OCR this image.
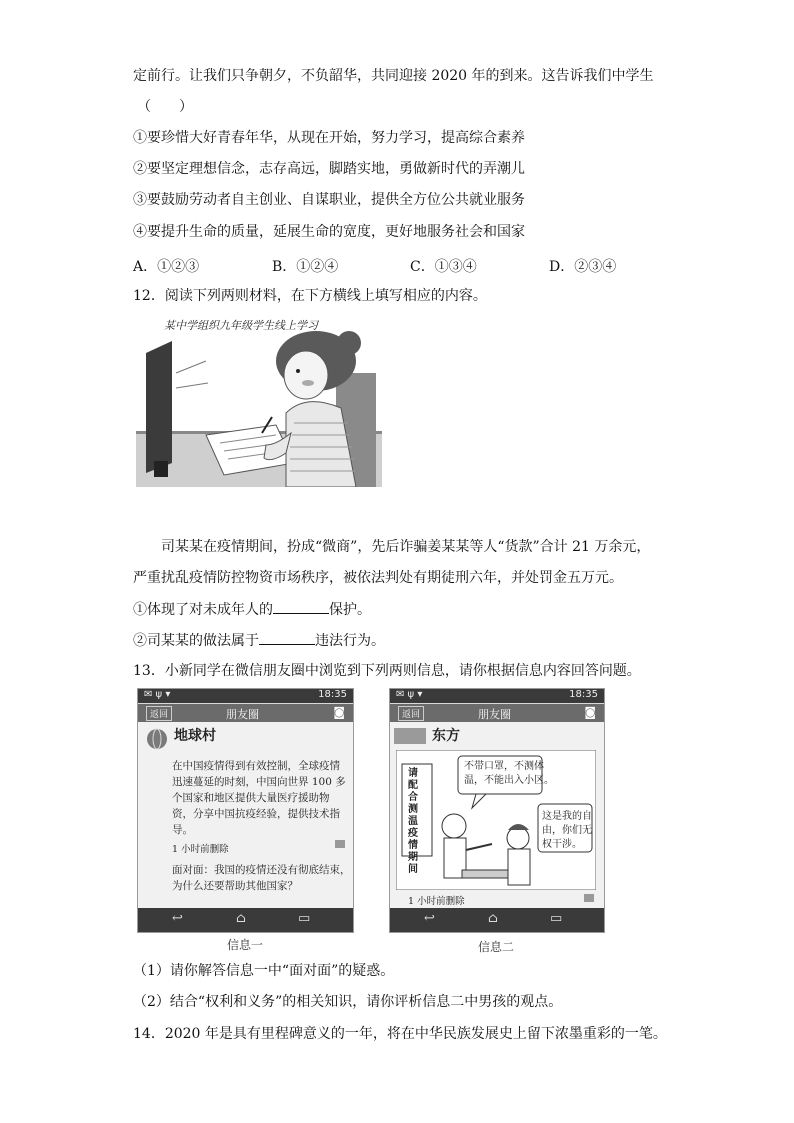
定前行。让我们只争朝夕，不负韶华，共同迎接 2020 年的到来。这告诉我们中学生
（　　）
①要珍惜大好青春年华，从现在开始，努力学习，提高综合素养
②要坚定理想信念，志存高远，脚踏实地，勇做新时代的弄潮儿
③要鼓励劳动者自主创业、自谋职业，提供全方位公共就业服务
④要提升生命的质量，延展生命的宽度，更好地服务社会和国家
A．①②③	B．①②④	C．①③④	D．②③④
12．阅读下列两则材料，在下方横线上填写相应的内容。
某中学组织九年级学生线上学习
司某某在疫情期间，扮成“微商”，先后诈骗姜某某等人“货款”合计 21 万余元，
严重扰乱疫情防控物资市场秩序，被依法判处有期徒刑六年，并处罚金五万元。
①体现了对未成年人的	保护。
②司某某的做法属于	违法行为。
13．小新同学在微信朋友圈中浏览到下列两则信息，请你根据信息内容回答问题。
✉ ψ ▾	18:35
返回	朋友圈	◙
地球村
在中国疫情得到有效控制，全球疫情
迅速蔓延的时刻，中国向世界 100 多
个国家和地区提供大量医疗援助物
资，分享中国抗疫经验，提供技术指
导。
1 小时前删除
面对面：我国的疫情还没有彻底结束，
为什么还要帮助其他国家？
↩	⌂	▭
信息一
✉ ψ ▾	18:35
返回	朋友圈	◙
东方
请配合测温疫情期间
不带口罩，不测体
温，不能出入小区。
这是我的自
由，你们无
权干涉。
1 小时前删除
↩	⌂	▭
信息二
（1）请你解答信息一中“面对面”的疑惑。
（2）结合“权利和义务”的相关知识，请你评析信息二中男孩的观点。
14．2020 年是具有里程碑意义的一年，将在中华民族发展史上留下浓墨重彩的一笔。
